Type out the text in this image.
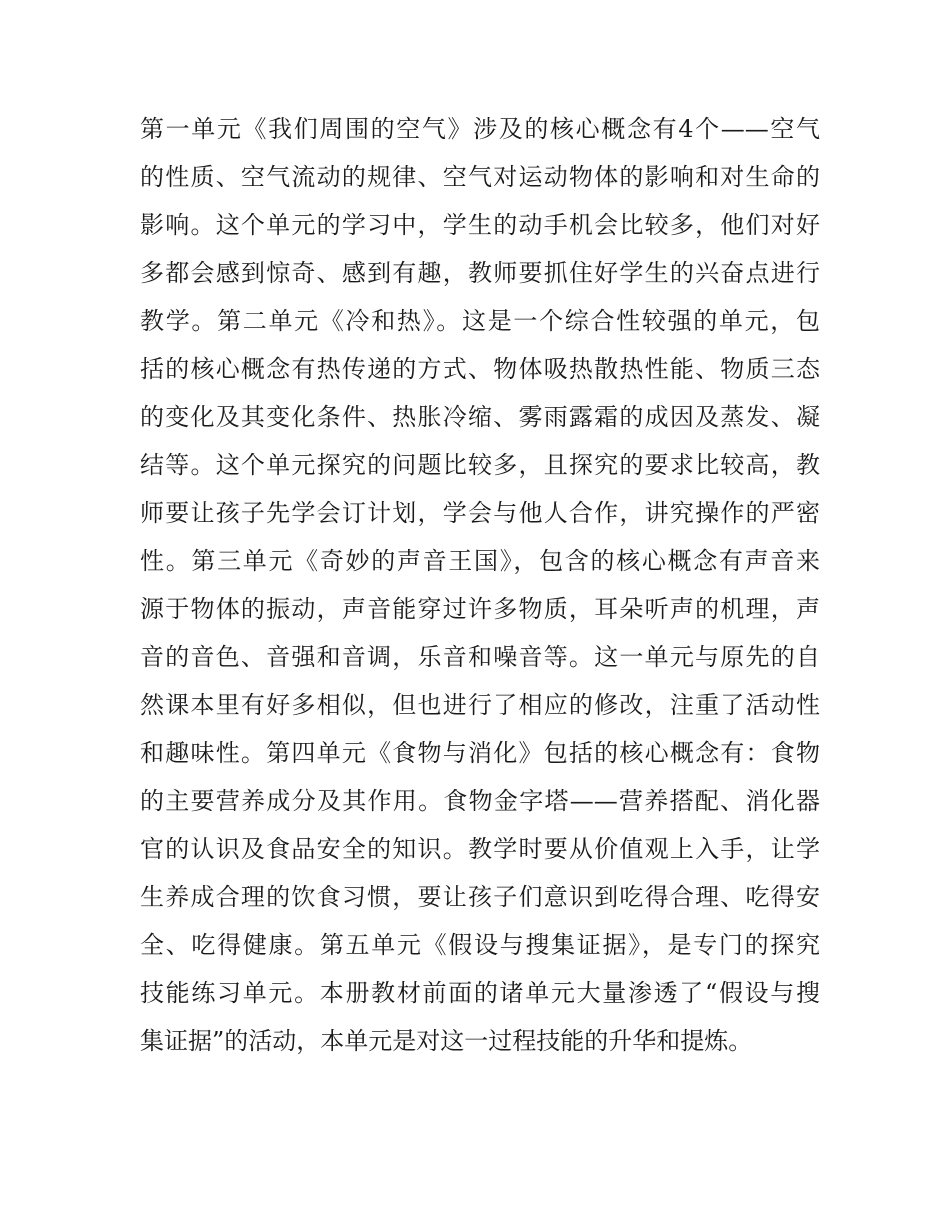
第一单元《我们周围的空气》涉及的核心概念有4个——空气
的性质、空气流动的规律、空气对运动物体的影响和对生命的
影响。这个单元的学习中，学生的动手机会比较多，他们对好
多都会感到惊奇、感到有趣，教师要抓住好学生的兴奋点进行
教学。第二单元《冷和热》。这是一个综合性较强的单元，包
括的核心概念有热传递的方式、物体吸热散热性能、物质三态
的变化及其变化条件、热胀冷缩、雾雨露霜的成因及蒸发、凝
结等。这个单元探究的问题比较多，且探究的要求比较高，教
师要让孩子先学会订计划，学会与他人合作，讲究操作的严密
性。第三单元《奇妙的声音王国》，包含的核心概念有声音来
源于物体的振动，声音能穿过许多物质，耳朵听声的机理，声
音的音色、音强和音调，乐音和噪音等。这一单元与原先的自
然课本里有好多相似，但也进行了相应的修改，注重了活动性
和趣味性。第四单元《食物与消化》包括的核心概念有：食物
的主要营养成分及其作用。食物金字塔——营养搭配、消化器
官的认识及食品安全的知识。教学时要从价值观上入手，让学
生养成合理的饮食习惯，要让孩子们意识到吃得合理、吃得安
全、吃得健康。第五单元《假设与搜集证据》，是专门的探究
技能练习单元。本册教材前面的诸单元大量渗透了“假设与搜
集证据”的活动，本单元是对这一过程技能的升华和提炼。
